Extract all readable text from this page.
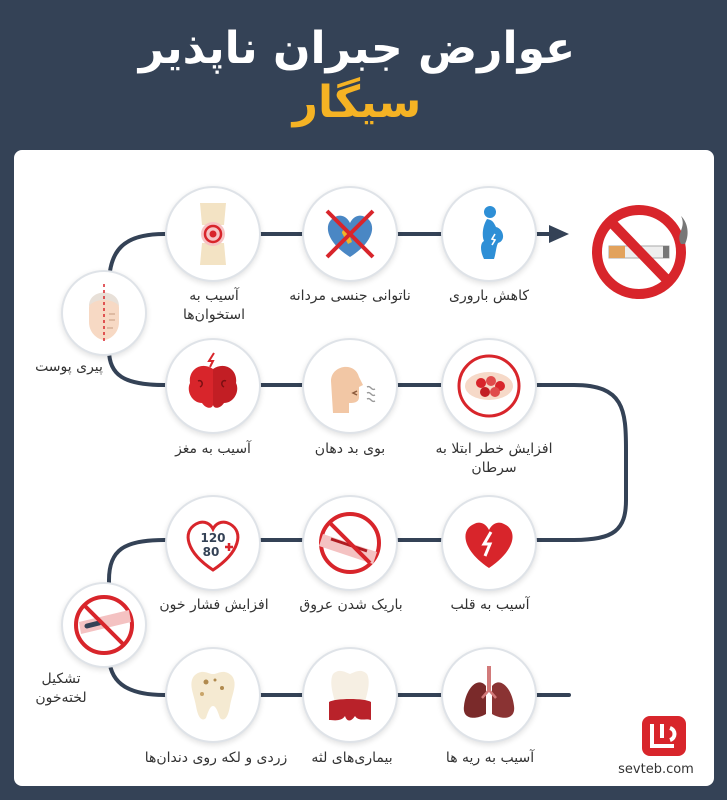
عوارض جبران ناپذیر
سیگار
کاهش باروری
ناتوانی جنسی مردانه
آسیب به استخوان‌ها
پیری پوست
آسیب به مغز	بوی بد دهان	افزایش خطر ابتلا به سرطان
آسیب به قلب
باریک شدن عروق
120
80
افزایش فشار خون
تشکیل لخته‌خون
آسیب به ریه ها
بیماری‌های لثه
زردی و لکه روی دندان‌ها
sevteb.com
